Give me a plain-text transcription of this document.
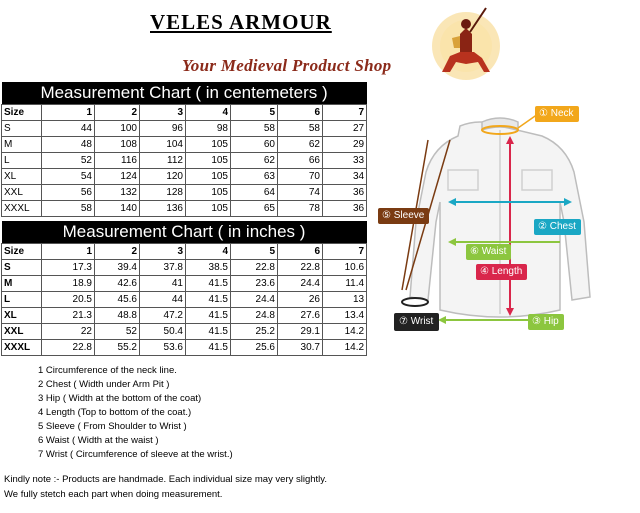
VELES ARMOUR
Your Medieval Product Shop
Measurement Chart ( in centemeters )							
Size	1	2	3	4	5	6	7
S	44	100	96	98	58	58	27
M	48	108	104	105	60	62	29
L	52	116	112	105	62	66	33
XL	54	124	120	105	63	70	34
XXL	56	132	128	105	64	74	36
XXXL	58	140	136	105	65	78	36
Measurement Chart ( in inches )							
Size	1	2	3	4	5	6	7
S	17.3	39.4	37.8	38.5	22.8	22.8	10.6
M	18.9	42.6	41	41.5	23.6	24.4	11.4
L	20.5	45.6	44	41.5	24.4	26	13
XL	21.3	48.8	47.2	41.5	24.8	27.6	13.4
XXL	22	52	50.4	41.5	25.2	29.1	14.2
XXXL	22.8	55.2	53.6	41.5	25.6	30.7	14.2
1 Circumference of the neck line.
2 Chest ( Width under Arm Pit )
3 Hip ( Width at the bottom of the coat)
4 Length (Top to bottom of the coat.)
5 Sleeve ( From Shoulder to Wrist )
6 Waist ( Width at the waist )
7 Wrist ( Circumference of sleeve at the wrist.)
Kindly note :- Products are handmade. Each individual size may very slightly.
We fully stetch each part when doing measurement.
① Neck
② Chest
⑥ Waist
④ Length
⑤ Sleeve
⑦ Wrist	③ Hip
